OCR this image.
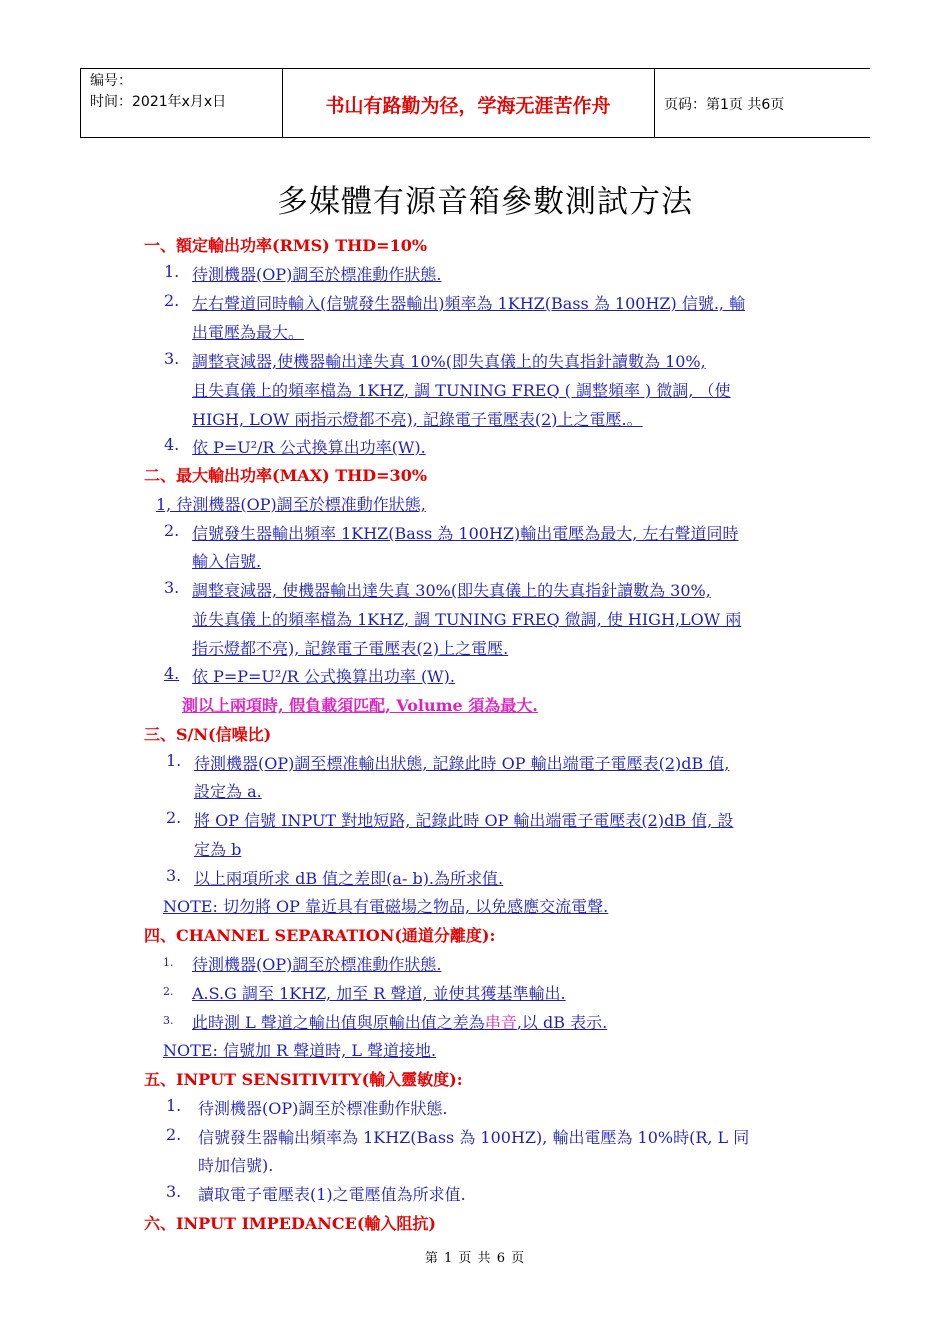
编号：
时间：2021年x月x日	书山有路勤为径，学海无涯苦作舟	页码：第1页 共6页
多媒體有源音箱參數測試方法
一、額定輸出功率(RMS) THD=10%
1. 待測機器(OP)調至於標准動作狀態.
2. 左右聲道同時輸入(信號發生器輸出)頻率為 1KHZ(Bass 為 100HZ) 信號., 輸
出電壓為最大。
3. 調整衰減器,使機器輸出達失真 10%(即失真儀上的失真指針讀數為 10%,
且失真儀上的頻率檔為 1KHZ, 調 TUNING FREQ ( 調整頻率 ) 微調, （使
HIGH, LOW 兩指示燈都不亮), 記錄電子電壓表(2)上之電壓.。
4. 依 P=U²/R 公式換算出功率(W).
二、最大輸出功率(MAX) THD=30%
1, 待測機器(OP)調至於標准動作狀態,
2. 信號發生器輸出頻率 1KHZ(Bass 為 100HZ)輸出電壓為最大, 左右聲道同時
輸入信號.
3. 調整衰減器, 使機器輸出達失真 30%(即失真儀上的失真指針讀數為 30%,
並失真儀上的頻率檔為 1KHZ, 調 TUNING FREQ 微調, 使 HIGH,LOW 兩
指示燈都不亮), 記錄電子電壓表(2)上之電壓.
4. 依 P=P=U²/R 公式換算出功率 (W).
測以上兩項時, 假負載須匹配, Volume 須為最大.
三、S/N(信噪比)
1. 待測機器(OP)調至標准輸出狀態, 記錄此時 OP 輸出端電子電壓表(2)dB 值,
設定為 a.
2. 將 OP 信號 INPUT 對地短路, 記錄此時 OP 輸出端電子電壓表(2)dB 值, 設
定為 b
3. 以上兩項所求 dB 值之差即(a- b).為所求值.
NOTE: 切勿將 OP 靠近具有電磁場之物品, 以免感應交流電聲.
四、CHANNEL SEPARATION(通道分離度):
1. 待測機器(OP)調至於標准動作狀態.
2. A.S.G 調至 1KHZ, 加至 R 聲道, 並使其獲基準輸出.
3. 此時測 L 聲道之輸出值與原輸出值之差為串音,以 dB 表示.
NOTE: 信號加 R 聲道時, L 聲道接地.
五、INPUT SENSITIVITY(輸入靈敏度):
1. 待測機器(OP)調至於標准動作狀態.
2. 信號發生器輸出頻率為 1KHZ(Bass 為 100HZ), 輸出電壓為 10%時(R, L 同
時加信號).
3. 讀取電子電壓表(1)之電壓值為所求值.
六、INPUT IMPEDANCE(輸入阻抗)
第 1 页 共 6 页
